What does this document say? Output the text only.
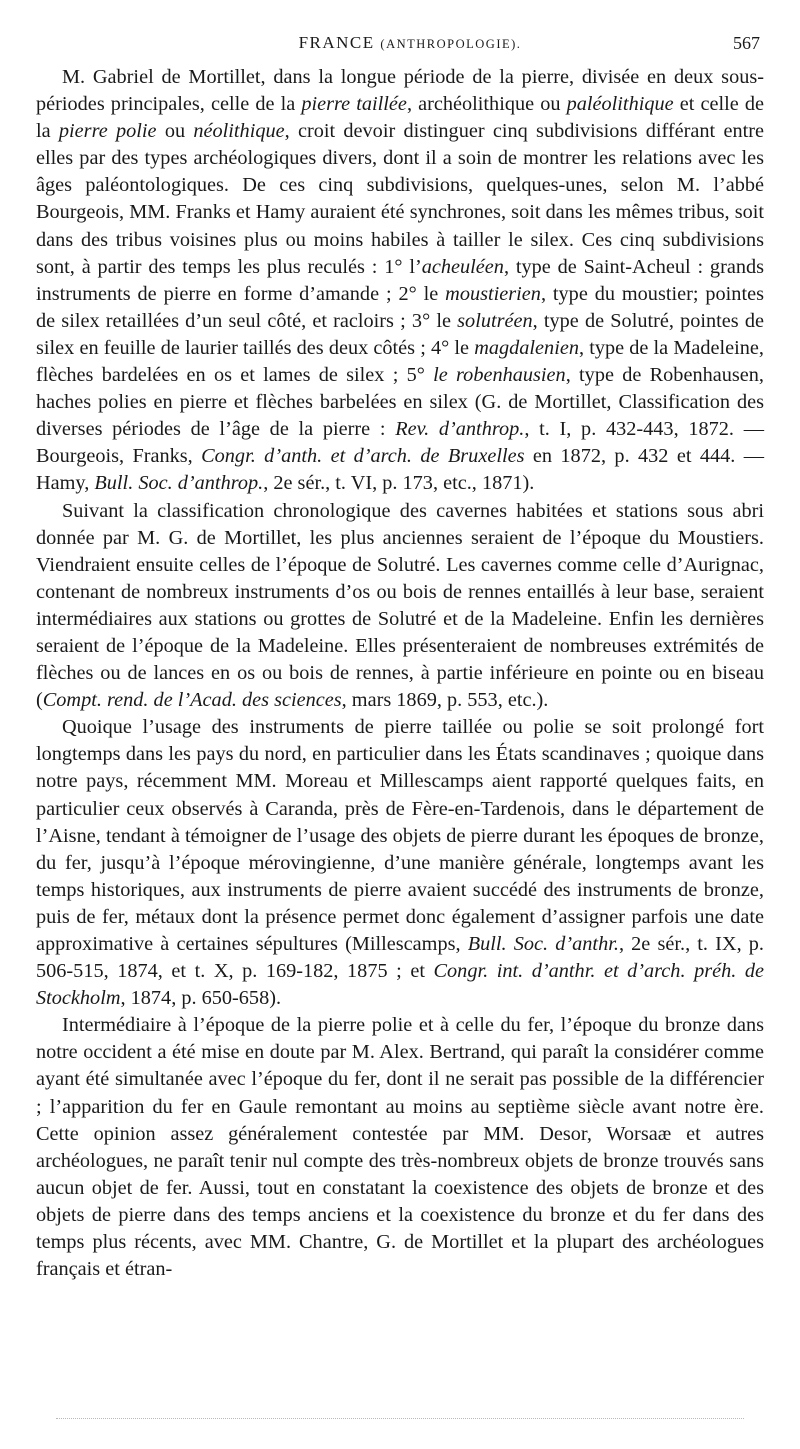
FRANCE (ANTHROPOLOGIE).	567

M. Gabriel de Mortillet, dans la longue période de la pierre, divisée en deux sous-périodes principales, celle de la pierre taillée, archéolithique ou paléolithique et celle de la pierre polie ou néolithique, croit devoir distinguer cinq subdivisions différant entre elles par des types archéologiques divers, dont il a soin de montrer les relations avec les âges paléontologiques. De ces cinq subdivisions, quelques-unes, selon M. l’abbé Bourgeois, MM. Franks et Hamy auraient été synchrones, soit dans les mêmes tribus, soit dans des tribus voisines plus ou moins habiles à tailler le silex. Ces cinq subdivisions sont, à partir des temps les plus reculés : 1° l’acheuléen, type de Saint-Acheul : grands instruments de pierre en forme d’amande ; 2° le moustierien, type du moustier; pointes de silex retaillées d’un seul côté, et racloirs ; 3° le solutréen, type de Solutré, pointes de silex en feuille de laurier taillés des deux côtés ; 4° le magdalenien, type de la Madeleine, flèches bardelées en os et lames de silex ; 5° le robenhausien, type de Robenhausen, haches polies en pierre et flèches barbelées en silex (G. de Mortillet, Classification des diverses périodes de l’âge de la pierre : Rev. d’anthrop., t. I, p. 432-443, 1872. — Bourgeois, Franks, Congr. d’anth. et d’arch. de Bruxelles en 1872, p. 432 et 444. — Hamy, Bull. Soc. d’anthrop., 2e sér., t. VI, p. 173, etc., 1871).

Suivant la classification chronologique des cavernes habitées et stations sous abri donnée par M. G. de Mortillet, les plus anciennes seraient de l’époque du Moustiers. Viendraient ensuite celles de l’époque de Solutré. Les cavernes comme celle d’Aurignac, contenant de nombreux instruments d’os ou bois de rennes entaillés à leur base, seraient intermédiaires aux stations ou grottes de Solutré et de la Madeleine. Enfin les dernières seraient de l’époque de la Madeleine. Elles présenteraient de nombreuses extrémités de flèches ou de lances en os ou bois de rennes, à partie inférieure en pointe ou en biseau (Compt. rend. de l’Acad. des sciences, mars 1869, p. 553, etc.).

Quoique l’usage des instruments de pierre taillée ou polie se soit prolongé fort longtemps dans les pays du nord, en particulier dans les États scandinaves ; quoique dans notre pays, récemment MM. Moreau et Millescamps aient rapporté quelques faits, en particulier ceux observés à Caranda, près de Fère-en-Tardenois, dans le département de l’Aisne, tendant à témoigner de l’usage des objets de pierre durant les époques de bronze, du fer, jusqu’à l’époque mérovingienne, d’une manière générale, longtemps avant les temps historiques, aux instruments de pierre avaient succédé des instruments de bronze, puis de fer, métaux dont la présence permet donc également d’assigner parfois une date approximative à certaines sépultures (Millescamps, Bull. Soc. d’anthr., 2e sér., t. IX, p. 506-515, 1874, et t. X, p. 169-182, 1875 ; et Congr. int. d’anthr. et d’arch. préh. de Stockholm, 1874, p. 650-658).

Intermédiaire à l’époque de la pierre polie et à celle du fer, l’époque du bronze dans notre occident a été mise en doute par M. Alex. Bertrand, qui paraît la considérer comme ayant été simultanée avec l’époque du fer, dont il ne serait pas possible de la différencier ; l’apparition du fer en Gaule remontant au moins au septième siècle avant notre ère. Cette opinion assez généralement contestée par MM. Desor, Worsaæ et autres archéologues, ne paraît tenir nul compte des très-nombreux objets de bronze trouvés sans aucun objet de fer. Aussi, tout en constatant la coexistence des objets de bronze et des objets de pierre dans des temps anciens et la coexistence du bronze et du fer dans des temps plus récents, avec MM. Chantre, G. de Mortillet et la plupart des archéologues français et étran-
